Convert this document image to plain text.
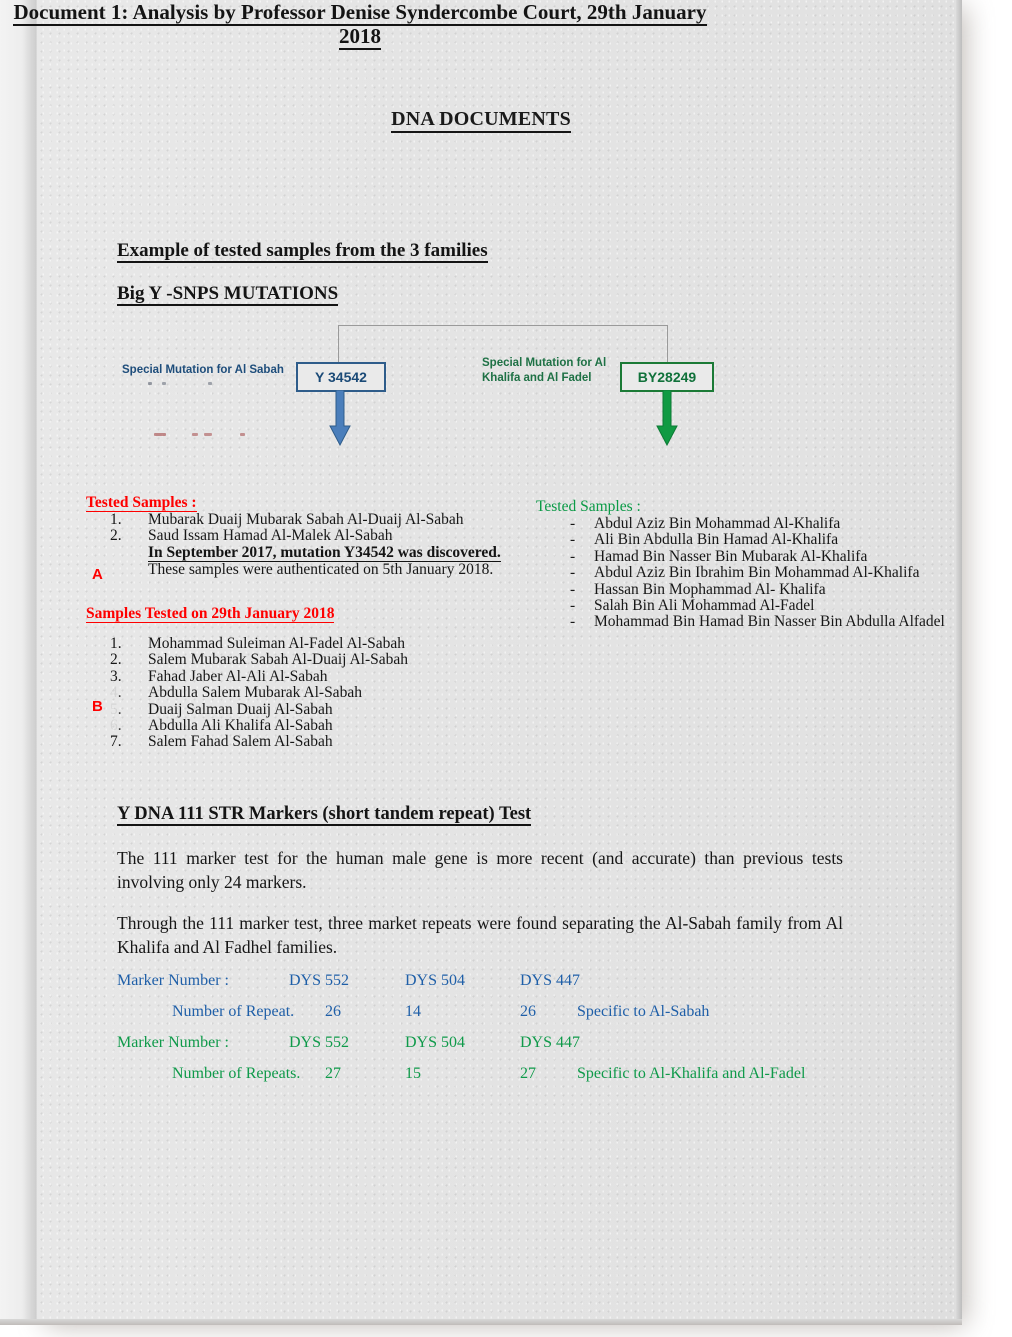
DNA DOCUMENTS
Document 1: Analysis by Professor Denise Syndercombe Court, 29th January 2018
Example of tested samples from the 3 families
Big Y -SNPS MUTATIONS
Special Mutation for Al Sabah
Special Mutation for Al Khalifa and Al Fadel
Y 34542	BY28249
A
B
Tested Samples :
1.	Mubarak Duaij Mubarak Sabah Al-Duaij Al-Sabah
2.	Saud Issam Hamad Al-Malek Al-Sabah
In September 2017, mutation Y34542 was discovered.
These samples were authenticated on 5th January 2018.
Samples Tested on 29th January 2018
1.	Mohammad Suleiman Al-Fadel Al-Sabah
2.	Salem Mubarak Sabah Al-Duaij Al-Sabah
3.	Fahad Jaber Al-Ali Al-Sabah
4.	Abdulla Salem Mubarak Al-Sabah
5.	Duaij Salman Duaij Al-Sabah
6.	Abdulla Ali Khalifa Al-Sabah
7.	Salem Fahad Salem Al-Sabah
Tested Samples :
-	Abdul Aziz Bin Mohammad Al-Khalifa
-	Ali Bin Abdulla Bin Hamad Al-Khalifa
-	Hamad Bin Nasser Bin Mubarak Al-Khalifa
-	Abdul Aziz Bin Ibrahim Bin Mohammad Al-Khalifa
-	Hassan Bin Mophammad Al- Khalifa
-	Salah Bin Ali Mohammad Al-Fadel
-	Mohammad Bin Hamad Bin Nasser Bin Abdulla Alfadel
Y DNA 111 STR Markers (short tandem repeat) Test
The 111 marker test for the human male gene is more recent (and accurate) than previous tests involving only 24 markers.
Through the 111 marker test, three market repeats were found separating the Al-Sabah family from Al Khalifa and Al Fadhel families.
Marker Number :	DYS 552	DYS 504	DYS 447
Number of Repeat. 26	14	26	Specific to Al-Sabah
Marker Number :	DYS 552	DYS 504	DYS 447
Number of Repeats. 27	15	27	Specific to Al-Khalifa and Al-Fadel
